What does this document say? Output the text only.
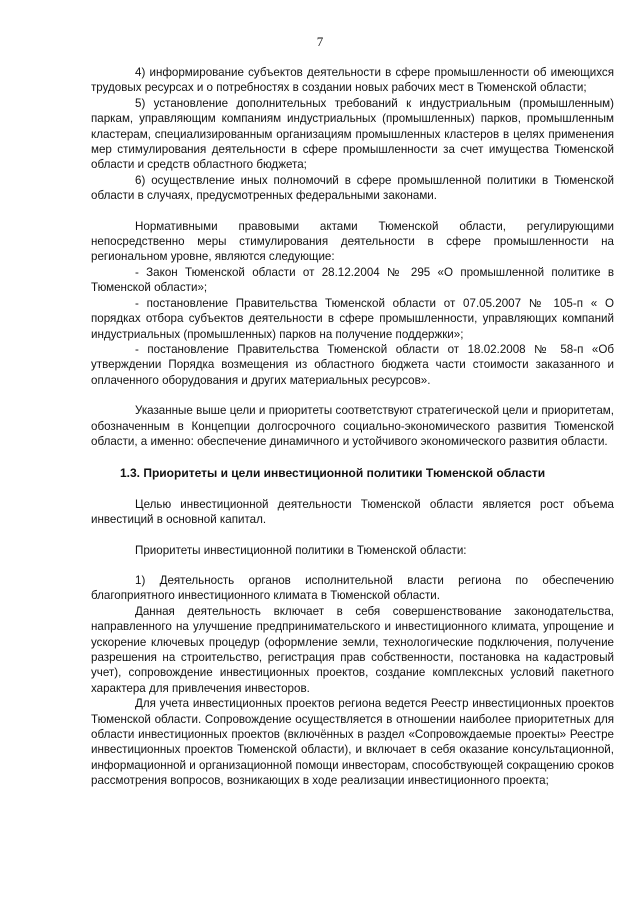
7

4) информирование субъектов деятельности в сфере промышленности об имеющихся трудовых ресурсах и о потребностях в создании новых рабочих мест в Тюменской области;

5) установление дополнительных требований к индустриальным (промышленным) паркам, управляющим компаниям индустриальных (промышленных) парков, промышленным кластерам, специализированным организациям промышленных кластеров в целях применения мер стимулирования деятельности в сфере промышленности за счет имущества Тюменской области и средств областного бюджета;

6) осуществление иных полномочий в сфере промышленной политики в Тюменской области в случаях, предусмотренных федеральными законами.

Нормативными правовыми актами Тюменской области, регулирующими непосредственно меры стимулирования деятельности в сфере промышленности на региональном уровне, являются следующие:

- Закон Тюменской области от 28.12.2004 № 295 «О промышленной политике в Тюменской области»;

- постановление Правительства Тюменской области от 07.05.2007 № 105-п « О порядках отбора субъектов деятельности в сфере промышленности, управляющих компаний индустриальных (промышленных) парков на получение поддержки»;

- постановление Правительства Тюменской области от 18.02.2008 № 58-п «Об утверждении Порядка возмещения из областного бюджета части стоимости заказанного и оплаченного оборудования и других материальных ресурсов».

Указанные выше цели и приоритеты соответствуют стратегической цели и приоритетам, обозначенным в Концепции долгосрочного социально-экономического развития Тюменской области, а именно: обеспечение динамичного и устойчивого экономического развития области.

1.3. Приоритеты и цели инвестиционной политики Тюменской области

Целью инвестиционной деятельности Тюменской области является рост объема инвестиций в основной капитал.

Приоритеты инвестиционной политики в Тюменской области:

1) Деятельность органов исполнительной власти региона по обеспечению благоприятного инвестиционного климата в Тюменской области.

Данная деятельность включает в себя совершенствование законодательства, направленного на улучшение предпринимательского и инвестиционного климата, упрощение и ускорение ключевых процедур (оформление земли, технологические подключения, получение разрешения на строительство, регистрация прав собственности, постановка на кадастровый учет), сопровождение инвестиционных проектов, создание комплексных условий пакетного характера для привлечения инвесторов.

Для учета инвестиционных проектов региона ведется Реестр инвестиционных проектов Тюменской области. Сопровождение осуществляется в отношении наиболее приоритетных для области инвестиционных проектов (включённых в раздел «Сопровождаемые проекты» Реестре инвестиционных проектов Тюменской области), и включает в себя оказание консультационной, информационной и организационной помощи инвесторам, способствующей сокращению сроков рассмотрения вопросов, возникающих в ходе реализации инвестиционного проекта;
